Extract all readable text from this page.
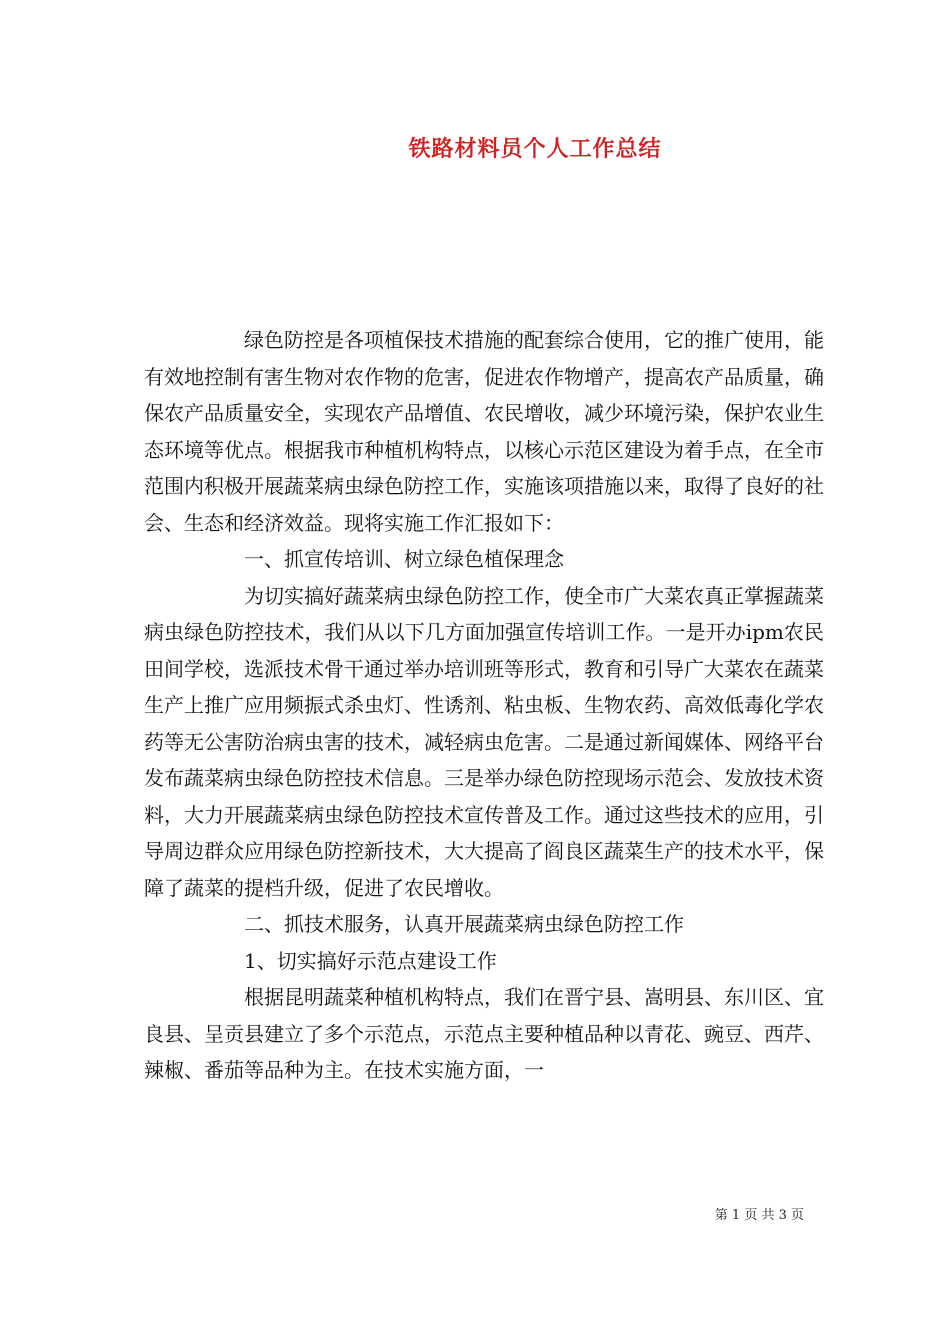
铁路材料员个人工作总结

绿色防控是各项植保技术措施的配套综合使用，它的推广使用，能有效地控制有害生物对农作物的危害，促进农作物增产，提高农产品质量，确保农产品质量安全，实现农产品增值、农民增收，减少环境污染，保护农业生态环境等优点。根据我市种植机构特点，以核心示范区建设为着手点，在全市范围内积极开展蔬菜病虫绿色防控工作，实施该项措施以来，取得了良好的社会、生态和经济效益。现将实施工作汇报如下：

一、抓宣传培训、树立绿色植保理念

为切实搞好蔬菜病虫绿色防控工作，使全市广大菜农真正掌握蔬菜病虫绿色防控技术，我们从以下几方面加强宣传培训工作。一是开办ipm农民田间学校，选派技术骨干通过举办培训班等形式，教育和引导广大菜农在蔬菜生产上推广应用频振式杀虫灯、性诱剂、粘虫板、生物农药、高效低毒化学农药等无公害防治病虫害的技术，减轻病虫危害。二是通过新闻媒体、网络平台发布蔬菜病虫绿色防控技术信息。三是举办绿色防控现场示范会、发放技术资料，大力开展蔬菜病虫绿色防控技术宣传普及工作。通过这些技术的应用，引导周边群众应用绿色防控新技术，大大提高了阎良区蔬菜生产的技术水平，保障了蔬菜的提档升级，促进了农民增收。

二、抓技术服务，认真开展蔬菜病虫绿色防控工作

1、切实搞好示范点建设工作

根据昆明蔬菜种植机构特点，我们在晋宁县、嵩明县、东川区、宜良县、呈贡县建立了多个示范点，示范点主要种植品种以青花、豌豆、西芹、辣椒、番茄等品种为主。在技术实施方面，一

第 1 页 共 3 页
